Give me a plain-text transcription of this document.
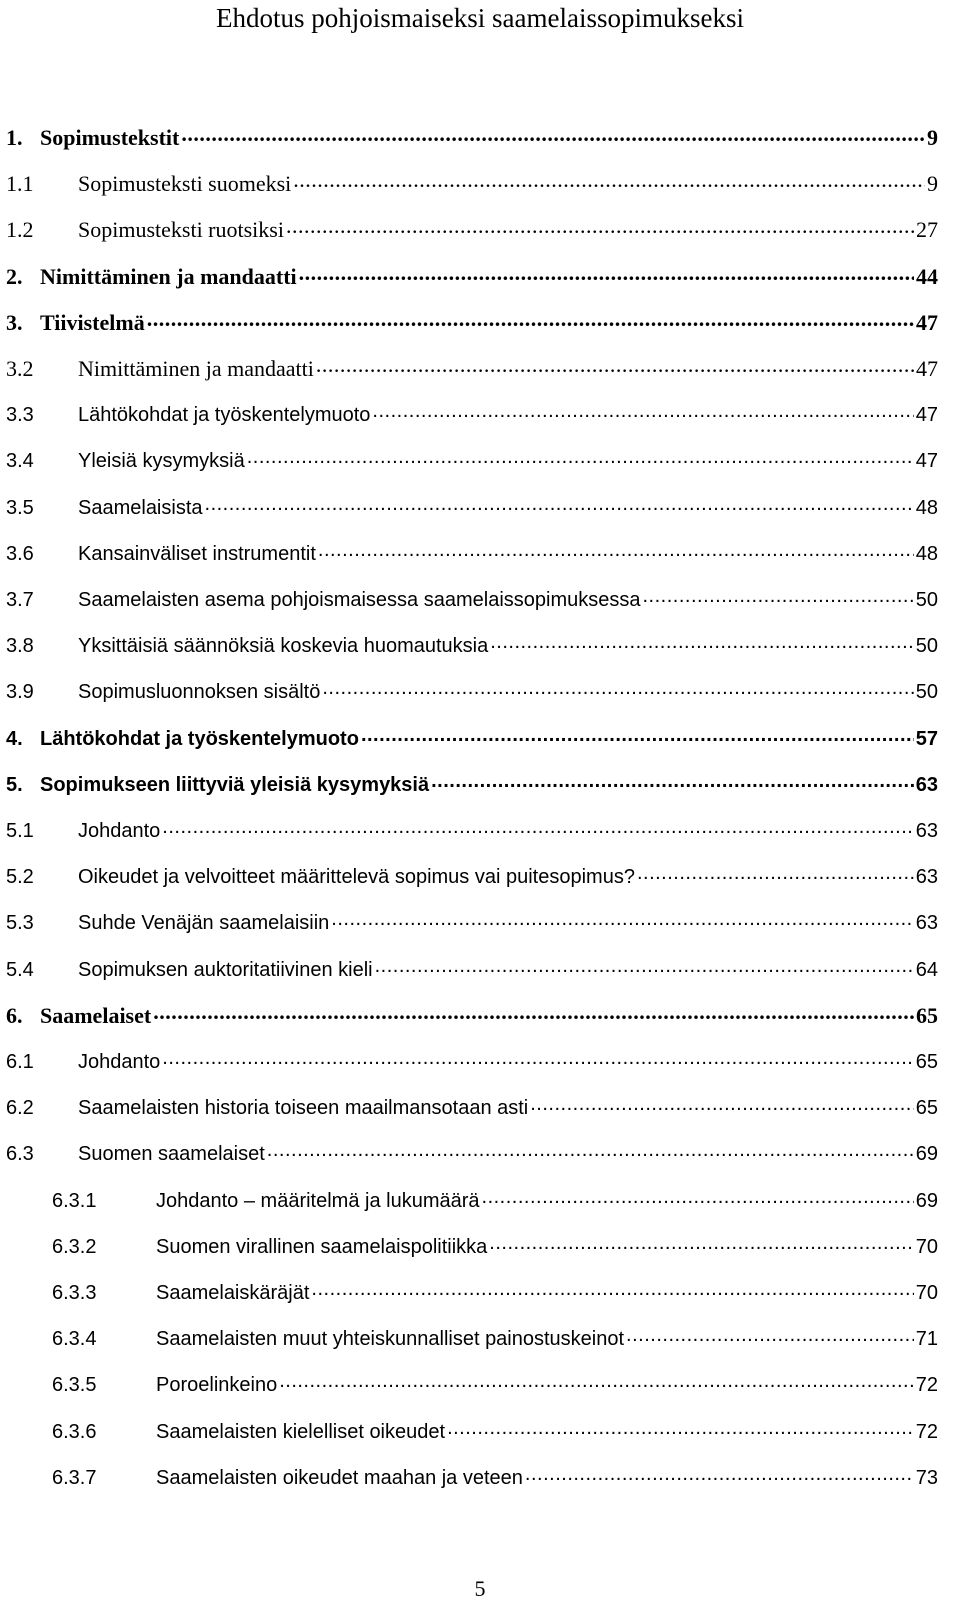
Ehdotus pohjoismaiseksi saamelaissopimukseksi
1. Sopimustekstit .....	9
1.1	Sopimusteksti suomeksi .....	9
1.2	Sopimusteksti ruotsiksi .....	27
2. Nimittäminen ja mandaatti .....	44
3. Tiivistelmä .....	47
3.2	Nimittäminen ja mandaatti .....	47
3.3	Lähtökohdat ja työskentelymuoto .....	47
3.4	Yleisiä kysymyksiä .....	47
3.5	Saamelaisista .....	48
3.6	Kansainväliset instrumentit .....	48
3.7	Saamelaisten asema pohjoismaisessa saamelaissopimuksessa .....	50
3.8	Yksittäisiä säännöksiä koskevia huomautuksia .....	50
3.9	Sopimusluonnoksen sisältö .....	50
4. Lähtökohdat ja työskentelymuoto .....	57
5. Sopimukseen liittyviä yleisiä kysymyksiä .....	63
5.1	Johdanto .....	63
5.2	Oikeudet ja velvoitteet määrittelevä sopimus vai puitesopimus? .....	63
5.3	Suhde Venäjän saamelaisiin .....	63
5.4	Sopimuksen auktoritatiivinen kieli .....	64
6. Saamelaiset .....	65
6.1	Johdanto .....	65
6.2	Saamelaisten historia toiseen maailmansotaan asti .....	65
6.3	Suomen saamelaiset .....	69
6.3.1	Johdanto – määritelmä ja lukumäärä .....	69
6.3.2	Suomen virallinen saamelaispolitiikka .....	70
6.3.3	Saamelaiskäräjät .....	70
6.3.4	Saamelaisten muut yhteiskunnalliset painostuskeinot .....	71
6.3.5	Poroelinkeino .....	72
6.3.6	Saamelaisten kielelliset oikeudet .....	72
6.3.7	Saamelaisten oikeudet maahan ja veteen .....	73
5
